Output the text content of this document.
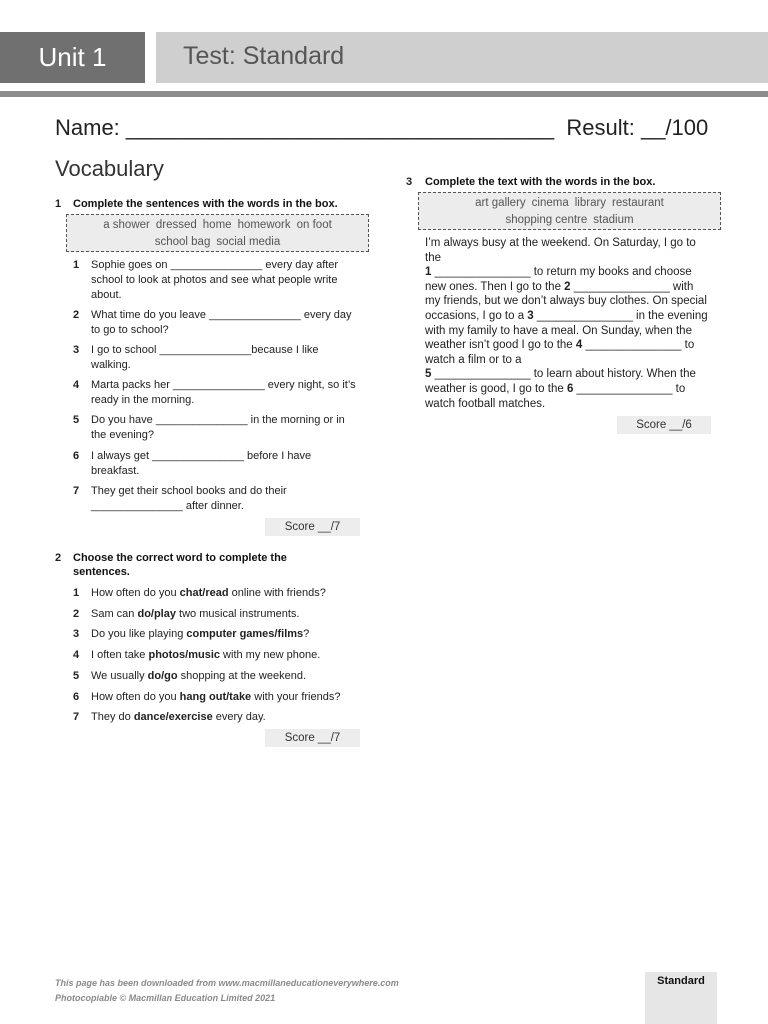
Unit 1	Test: Standard
Name: ___________________________________  Result: __/100
Vocabulary
1 Complete the sentences with the words in the box.
a shower dressed home homework on foot
school bag social media
1 Sophie goes on _______________ every day after school to look at photos and see what people write about.
2 What time do you leave _______________ every day to go to school?
3 I go to school _______________because I like walking.
4 Marta packs her _______________ every night, so it’s ready in the morning.
5 Do you have _______________ in the morning or in the evening?
6 I always get _______________ before I have breakfast.
7 They get their school books and do their _______________ after dinner.
Score __/7
2 Choose the correct word to complete the
sentences.
1 How often do you chat/read online with friends?
2 Sam can do/play two musical instruments.
3 Do you like playing computer games/films?
4 I often take photos/music with my new phone.
5 We usually do/go shopping at the weekend.
6 How often do you hang out/take with your friends?
7 They do dance/exercise every day.
Score __/7
3 Complete the text with the words in the box.
art gallery cinema library restaurant
shopping centre stadium
I’m always busy at the weekend. On Saturday, I go to
the
1 _______________ to return my books and choose
new ones. Then I go to the 2 _______________ with
my friends, but we don’t always buy clothes. On special
occasions, I go to a 3 _______________ in the evening
with my family to have a meal. On Sunday, when the
weather isn’t good I go to the 4 _______________ to
watch a film or to a
5 _______________ to learn about history. When the
weather is good, I go to the 6 _______________ to
watch football matches.
Score __/6
This page has been downloaded from www.macmillaneducationeverywhere.com
Photocopiable © Macmillan Education Limited 2021
Standard
